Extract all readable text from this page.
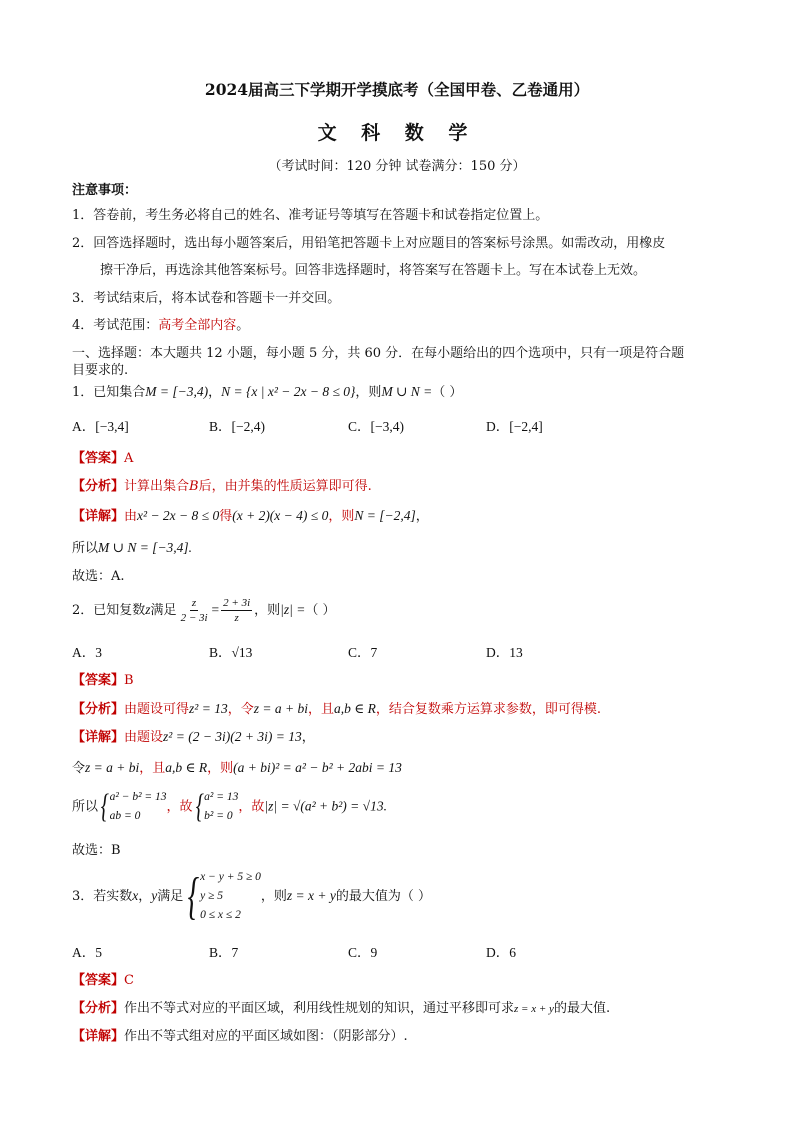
2024届高三下学期开学摸底考（全国甲卷、乙卷通用）
文 科 数 学
（考试时间：120 分钟 试卷满分：150 分）
注意事项：
1．答卷前，考生务必将自己的姓名、准考证号等填写在答题卡和试卷指定位置上。
2．回答选择题时，选出每小题答案后，用铅笔把答题卡上对应题目的答案标号涂黑。如需改动，用橡皮
擦干净后，再选涂其他答案标号。回答非选择题时，将答案写在答题卡上。写在本试卷上无效。
3．考试结束后，将本试卷和答题卡一并交回。
4．考试范围：高考全部内容。
一、选择题：本大题共 12 小题，每小题 5 分，共 60 分．在每小题给出的四个选项中，只有一项是符合题
目要求的.
1．已知集合M = [−3,4)，N = {x | x² − 2x − 8 ≤ 0}，则M ∪ N =（ ）
A．[−3,4]	B．[−2,4)	C．[−3,4)	D．[−2,4]
【答案】A
【分析】计算出集合B后，由并集的性质运算即可得.
【详解】由x² − 2x − 8 ≤ 0得(x + 2)(x − 4) ≤ 0，则N = [−2,4]，
所以M ∪ N = [−3,4].
故选：A.
2．已知复数z满足 $\frac{z}{2 - 3i} = \frac{2 + 3i}{z}$ ，则|z| =（ ）
A．3	B．√13	C．7	D．13
【答案】B
【分析】由题设可得z² = 13，令z = a + bi，且a,b ∈ R，结合复数乘方运算求参数，即可得模.
【详解】由题设z² = (2 − 3i)(2 + 3i) = 13，
令z = a + bi，且a,b ∈ R，则(a + bi)² = a² − b² + 2abi = 13
所以 { a² − b² = 13
ab = 0
，故 { a² = 13
b² = 0
，故|z| = √(a² + b²) = √13.
故选：B
3．若实数x，y满足 { x − y + 5 ≥ 0
y ≥ 5
0 ≤ x ≤ 2
，则z = x + y的最大值为（ ）
A．5	B．7	C．9	D．6
【答案】C
【分析】作出不等式对应的平面区域，利用线性规划的知识，通过平移即可求z = x + y的最大值.
【详解】作出不等式组对应的平面区域如图：（阴影部分）.
